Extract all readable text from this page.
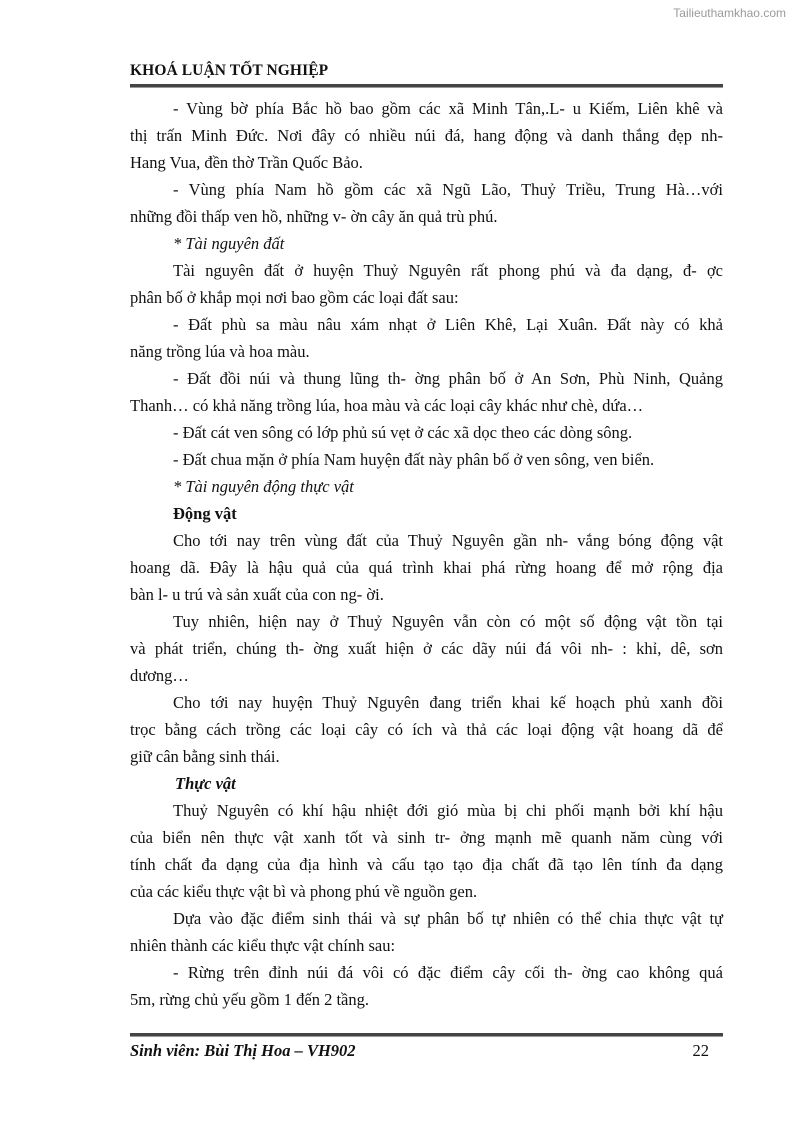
Tailieuthamkhao.com
KHOÁ LUẬN TỐT NGHIỆP
- Vùng bờ phía Bắc hồ bao gồm các xã Minh Tân,.L- u Kiếm, Liên khê và
thị trấn Minh Đức. Nơi đây có nhiều núi đá, hang động và danh thắng đẹp nh-
Hang Vua, đền thờ Trần Quốc Bảo.
- Vùng phía Nam hồ gồm các xã Ngũ Lão, Thuỷ Triều, Trung Hà…với
những đồi thấp ven hồ, những v- ờn cây ăn quả trù phú.
* Tài nguyên đất
Tài nguyên đất ở huyện Thuỷ Nguyên rất phong phú và đa dạng, đ- ợc
phân bố ở khắp mọi nơi bao gồm các loại đất sau:
- Đất phù sa màu nâu xám nhạt ở Liên Khê, Lại Xuân. Đất này có khả
năng trồng lúa và hoa màu.
- Đất đồi núi và thung lũng th- ờng phân bố ở An Sơn, Phù Ninh, Quảng
Thanh… có khả năng trồng lúa, hoa màu và các loại cây khác như chè, dứa…
- Đất cát ven sông có lớp phủ sú vẹt ở các xã dọc theo các dòng sông.
- Đất chua mặn ở phía Nam huyện đất này phân bố ở ven sông, ven biển.
* Tài nguyên động thực vật
Động vật
Cho tới nay trên vùng đất của Thuỷ Nguyên gần nh- vắng bóng động vật
hoang dã. Đây là hậu quả của quá trình khai phá rừng hoang để mở rộng địa
bàn l- u trú và sản xuất của con ng- ời.
Tuy nhiên, hiện nay ở Thuỷ Nguyên vẫn còn có một số động vật tồn tại
và phát triển, chúng th- ờng xuất hiện ở các dãy núi đá vôi nh- : khỉ, dê, sơn
dương…
Cho tới nay huyện Thuỷ Nguyên đang triển khai kế hoạch phủ xanh đồi
trọc bằng cách trồng các loại cây có ích và thả các loại động vật hoang dã để
giữ cân bằng sinh thái.
Thực vật
Thuỷ Nguyên có khí hậu nhiệt đới gió mùa bị chi phối mạnh bởi khí hậu
của biển nên thực vật xanh tốt và sinh tr- ởng mạnh mẽ quanh năm cùng với
tính chất đa dạng của địa hình và cấu tạo tạo địa chất đã tạo lên tính đa dạng
của các kiểu thực vật bì và phong phú về nguồn gen.
Dựa vào đặc điểm sinh thái và sự phân bố tự nhiên có thể chia thực vật tự
nhiên thành các kiểu thực vật chính sau:
- Rừng trên đỉnh núi đá vôi có đặc điểm cây cối th- ờng cao không quá
5m, rừng chủ yếu gồm 1 đến 2 tầng.
Sinh viên: Bùi Thị Hoa – VH902	22
